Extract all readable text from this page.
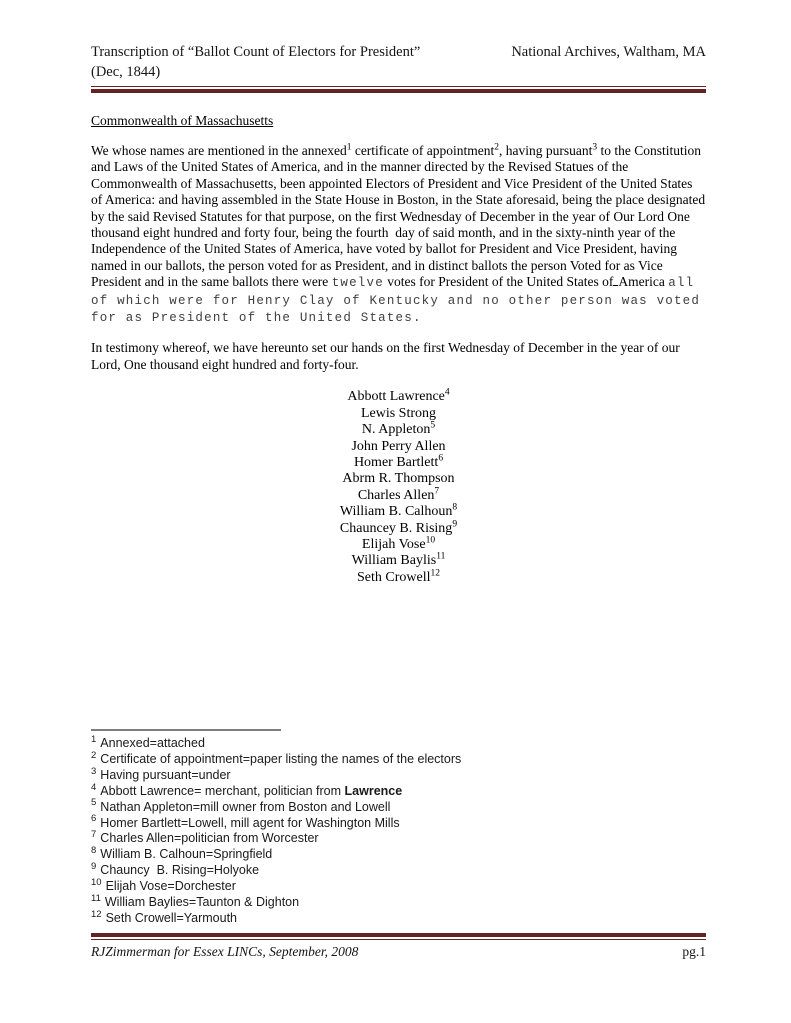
Transcription of “Ballot Count of Electors for President”	National Archives, Waltham, MA
(Dec, 1844)
Commonwealth of Massachusetts
We whose names are mentioned in the annexed$^1$ certificate of appointment$^2$, having pursuant$^3$ to the Constitution and Laws of the United States of America, and in the manner directed by the Revised Statues of the Commonwealth of Massachusetts, been appointed Electors of President and Vice President of the United States of America: and having assembled in the State House in Boston, in the State aforesaid, being the place designated by the said Revised Statutes for that purpose, on the first Wednesday of December in the year of Our Lord One thousand eight hundred and forty four, being the fourth  day of said month, and in the sixty-ninth year of the Independence of the United States of America, have voted by ballot for President and Vice President, having named in our ballots, the person voted for as President, and in distinct ballots the person Voted for as Vice President and in the same ballots there were twelve votes for President of the United States of America all of which were for Henry Clay of Kentucky and no other person was voted for as President of the United States.
In testimony whereof, we have hereunto set our hands on the first Wednesday of December in the year of our Lord, One thousand eight hundred and forty-four.
Abbott Lawrence$^4$
Lewis Strong
N. Appleton$^5$
John Perry Allen
Homer Bartlett$^6$
Abrm R. Thompson
Charles Allen$^7$
William B. Calhoun$^8$
Chauncey B. Rising$^9$
Elijah Vose$^{10}$
William Baylis$^{11}$
Seth Crowell$^{12}$
$^1$ Annexed=attached
$^2$ Certificate of appointment=paper listing the names of the electors
$^3$ Having pursuant=under
$^4$ Abbott Lawrence= merchant, politician from Lawrence
$^5$ Nathan Appleton=mill owner from Boston and Lowell
$^6$ Homer Bartlett=Lowell, mill agent for Washington Mills
$^7$ Charles Allen=politician from Worcester
$^8$ William B. Calhoun=Springfield
$^9$ Chauncy  B. Rising=Holyoke
$^{10}$ Elijah Vose=Dorchester
$^{11}$ William Baylies=Taunton & Dighton
$^{12}$ Seth Crowell=Yarmouth
RJZimmerman for Essex LINCs, September, 2008	pg.1
